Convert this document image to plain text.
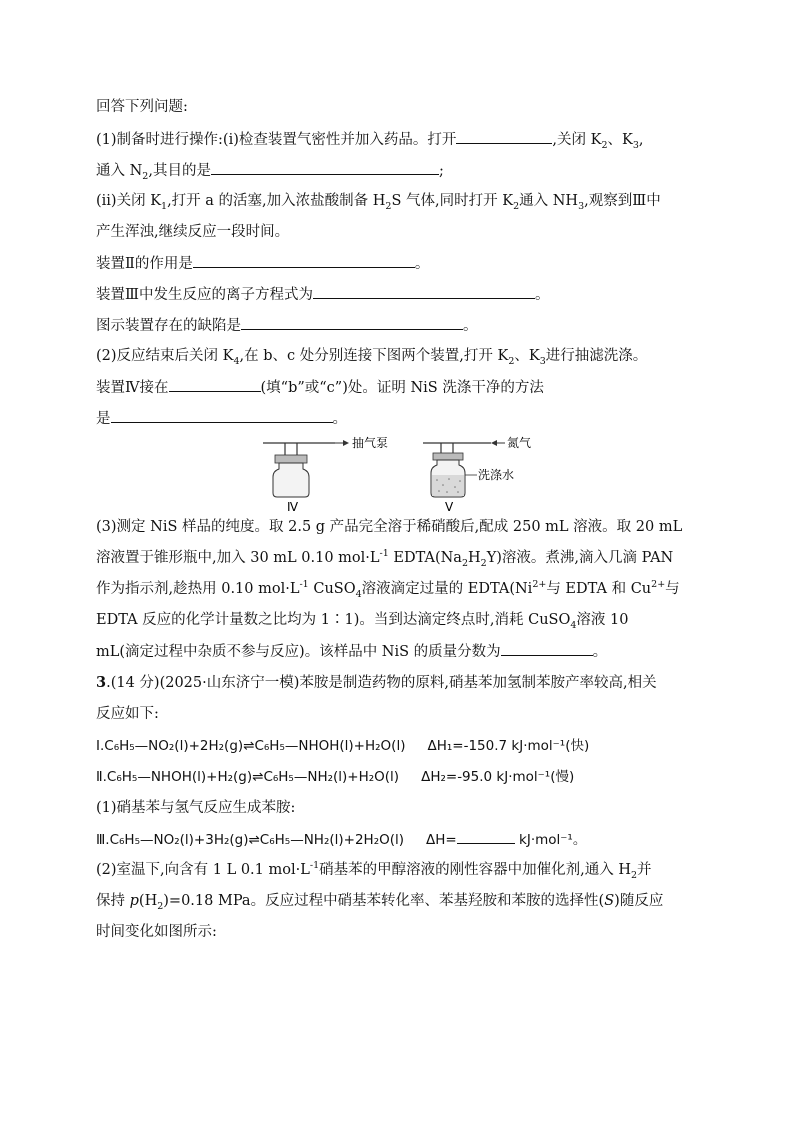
回答下列问题:
(1)制备时进行操作:(ⅰ)检查装置气密性并加入药品。打开	,关闭 $K_2$、$K_3$,
通入 $N_2$,其目的是	;
(ⅱ)关闭 $K_1$,打开 a 的活塞,加入浓盐酸制备 $H_2S$ 气体,同时打开 $K_2$通入 $NH_3$,观察到Ⅲ中
产生浑浊,继续反应一段时间。
装置Ⅱ的作用是	。
装置Ⅲ中发生反应的离子方程式为	。
图示装置存在的缺陷是	。
(2)反应结束后关闭 $K_4$,在 b、c 处分别连接下图两个装置,打开 $K_2$、$K_3$进行抽滤洗涤。
装置Ⅳ接在	(填“b”或“c”)处。证明 NiS 洗涤干净的方法
是	。
抽气泵
Ⅳ
氮气
洗涤水
Ⅴ
(3)测定 NiS 样品的纯度。取 2.5 g 产品完全溶于稀硝酸后,配成 250 mL 溶液。取 20 mL
溶液置于锥形瓶中,加入 30 mL 0.10 $mol\cdot L^{-1}$ $EDTA(Na_2H_2Y)$溶液。煮沸,滴入几滴 PAN
作为指示剂,趁热用 0.10 $mol\cdot L^{-1}$ CuSO$_4$溶液滴定过量的 $EDTA(Ni^{2+}$与 EDTA 和 $Cu^{2+}$与
EDTA 反应的化学计量数之比均为 1∶1)。当到达滴定终点时,消耗 CuSO$_4$溶液 10
mL(滴定过程中杂质不参与反应)。该样品中 NiS 的质量分数为	。
3.(14 分)(2025·山东济宁一模)苯胺是制造药物的原料,硝基苯加氢制苯胺产率较高,相关
反应如下:
Ⅰ.C₆H₅—NO₂(l)+2H₂(g)⇌C₆H₅—NHOH(l)+H₂O(l) ΔH₁=-150.7 kJ·mol⁻¹(快)
Ⅱ.C₆H₅—NHOH(l)+H₂(g)⇌C₆H₅—NH₂(l)+H₂O(l) ΔH₂=-95.0 kJ·mol⁻¹(慢)
(1)硝基苯与氢气反应生成苯胺:
Ⅲ.C₆H₅—NO₂(l)+3H₂(g)⇌C₆H₅—NH₂(l)+2H₂O(l) ΔH=	kJ·mol⁻¹。
(2)室温下,向含有 1 L 0.1 $mol\cdot L^{-1}$硝基苯的甲醇溶液的刚性容器中加催化剂,通入 $H_2$并
保持 $p(H_2)=0.18$ MPa。反应过程中硝基苯转化率、苯基羟胺和苯胺的选择性(S)随反应
时间变化如图所示:
